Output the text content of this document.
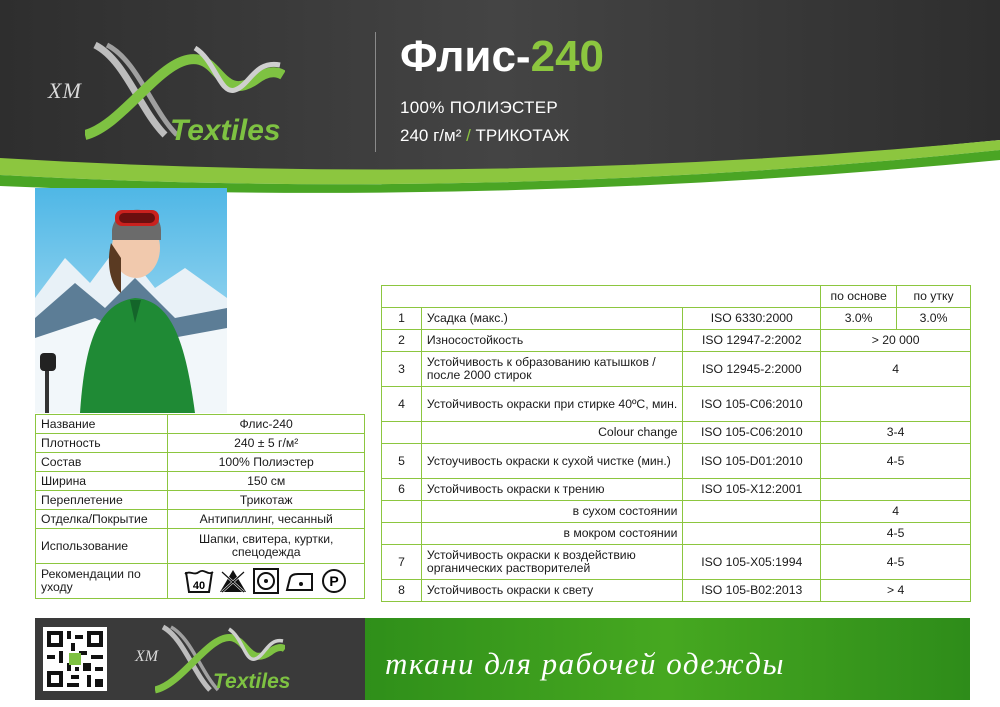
XM
Textiles
Флис-240
100% ПОЛИЭСТЕР
240 г/м² / ТРИКОТАЖ
Название	Флис-240
Плотность	240 ± 5 г/м²
Состав	100% Полиэстер
Ширина	150 см
Переплетение	Трикотаж
Отделка/Покрытие	Антипиллинг, чесанный
Использование	Шапки, свитера, куртки, спецодежда
Рекомендации по уходу	40 P
			по основе	по утку
1	Усадка (макс.)	ISO 6330:2000	3.0%	3.0%
2	Износостойкость	ISO 12947-2:2002	> 20 000	
3	Устойчивость к образованию катышков /после 2000 стирок	ISO 12945-2:2000	4	
4	Устойчивость окраски при стирке 40ºС, мин.	ISO 105-C06:2010		
	Colour change	ISO 105-C06:2010	3-4	
5	Устоучивость окраски к сухой чистке (мин.)	ISO 105-D01:2010	4-5	
6	Устойчивость окраски к трению	ISO 105-X12:2001		
	в сухом состоянии		4	
	в мокром состоянии		4-5	
7	Устойчивость окраски к воздействию органических растворителей	ISO 105-X05:1994	4-5	
8	Устойчивость окраски к свету	ISO 105-B02:2013	> 4	
XM
Textiles
ткани для рабочей одежды
